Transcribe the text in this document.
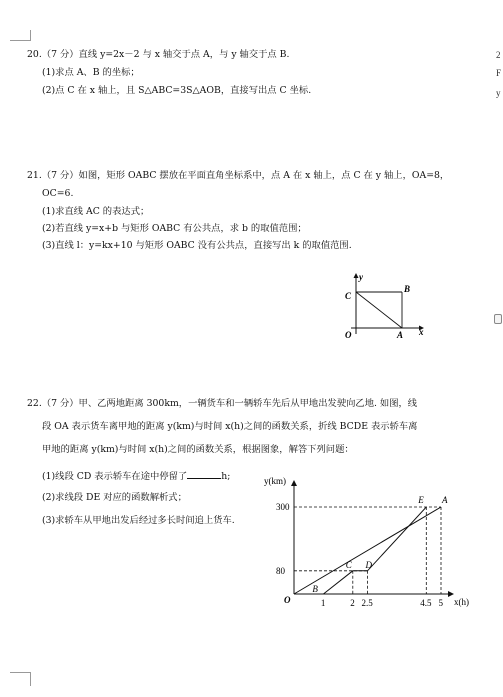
2
F
y
20.（7 分）直线 y=2x－2 与 x 轴交于点 A，与 y 轴交于点 B.
(1)求点 A、B 的坐标；
(2)点 C 在 x 轴上，且 S△ABC=3S△AOB，直接写出点 C 坐标.
21.（7 分）如图，矩形 OABC 摆放在平面直角坐标系中，点 A 在 x 轴上，点 C 在 y 轴上，OA=8，
OC=6.
(1)求直线 AC 的表达式；
(2)若直线 y=x+b 与矩形 OABC 有公共点，求 b 的取值范围；
(3)直线 l：y=kx+10 与矩形 OABC 没有公共点，直接写出 k 的取值范围.
y
C
B
O	A x
22.（7 分）甲、乙两地距离 300km，一辆货车和一辆轿车先后从甲地出发驶向乙地. 如图，线
段 OA 表示货车离甲地的距离 y(km)与时间 x(h)之间的函数关系，折线 BCDE 表示轿车离
甲地的距离 y(km)与时间 x(h)之间的函数关系，根据图象，解答下列问题：
(1)线段 CD 表示轿车在途中停留了	h;
(2)求线段 DE 对应的函数解析式；
(3)求轿车从甲地出发后经过多长时间追上货车.
y(km)
x(h)
O
80
300
1	2 2.5	4.5 5
A
B
C D
E
